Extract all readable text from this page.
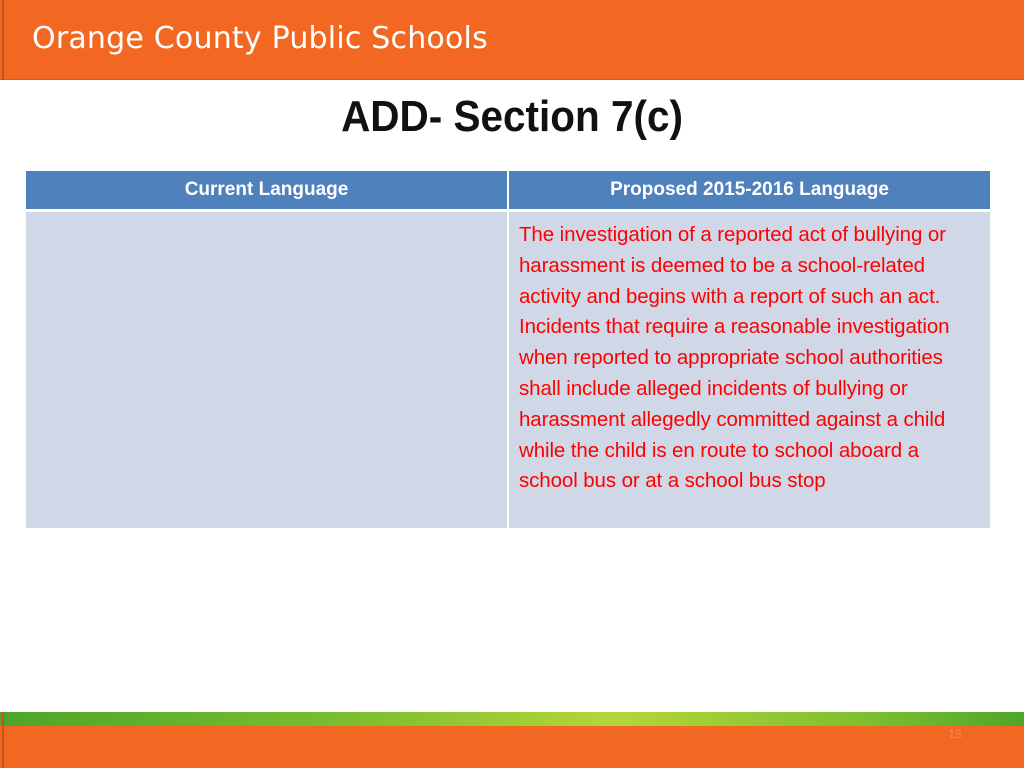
Orange County Public Schools
ADD- Section 7(c)
Current Language	Proposed 2015-2016 Language

	The investigation of a reported act of bullying or harassment is deemed to be a school-related activity and begins with a report of such an act. Incidents that require a reasonable investigation when reported to appropriate school authorities shall include alleged incidents of bullying or harassment allegedly committed against a child while the child is en route to school aboard a school bus or at a school bus stop
13
